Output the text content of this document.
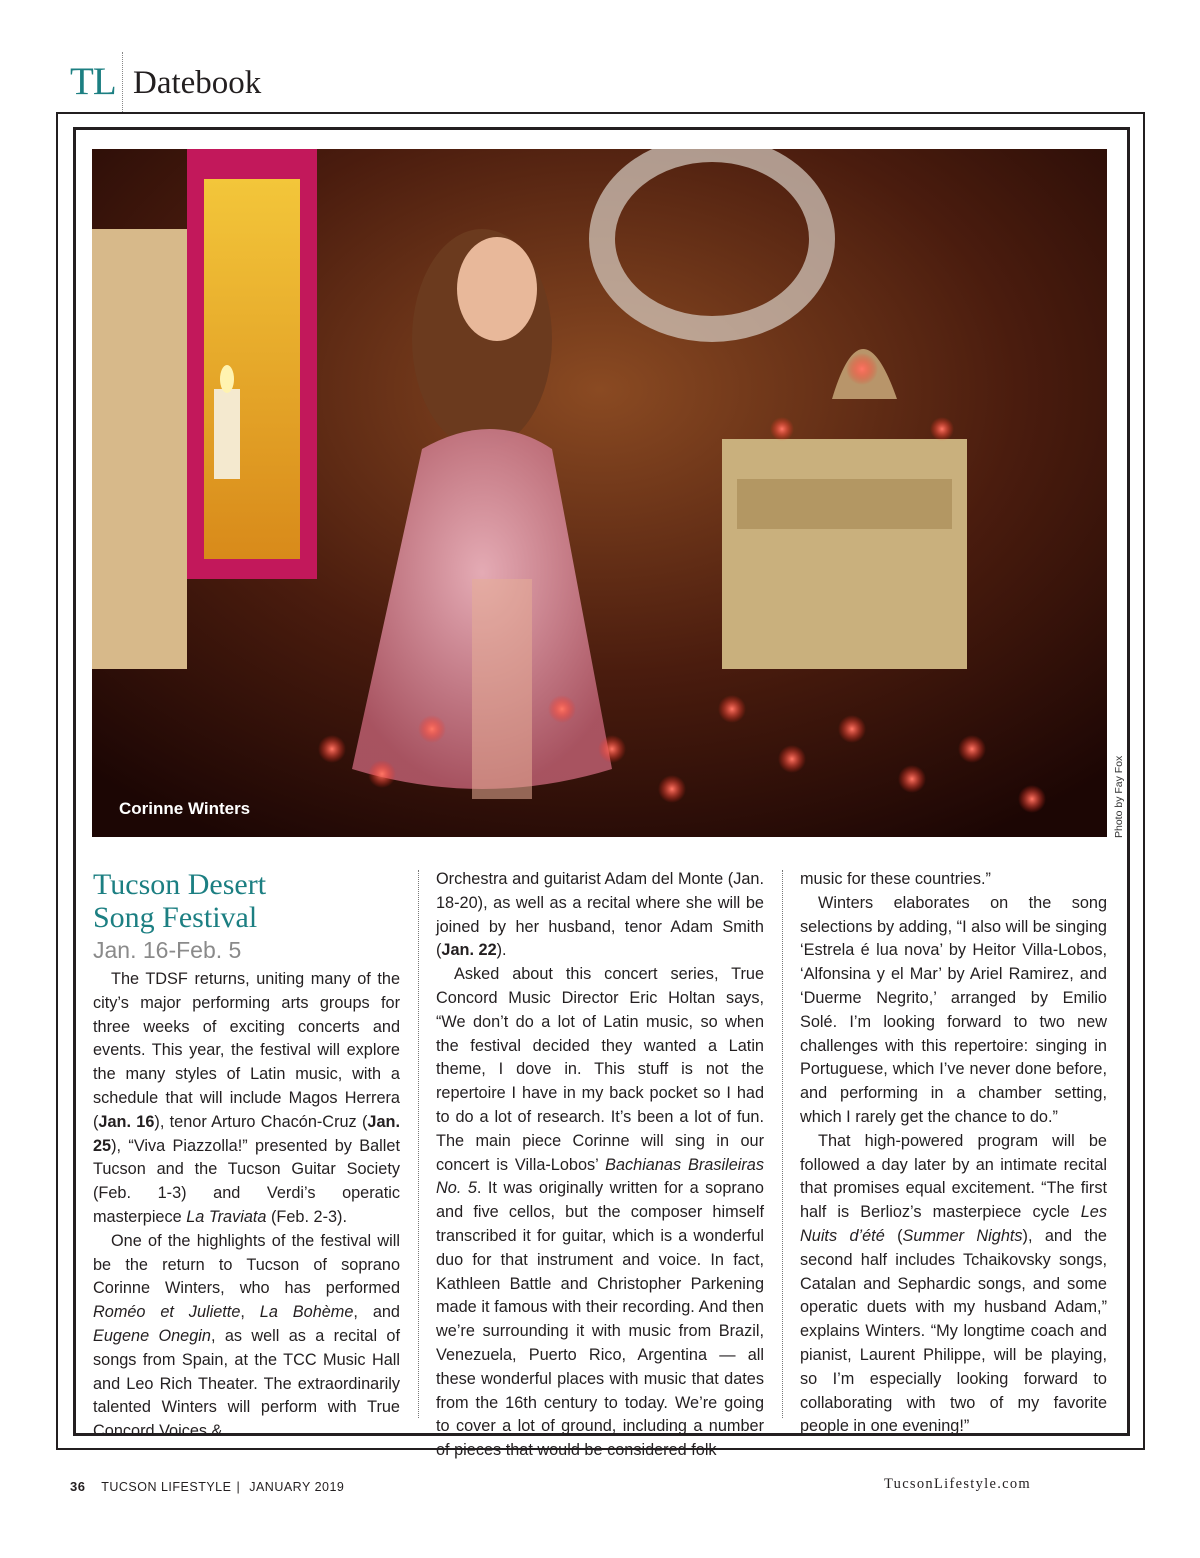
TL Datebook
Corinne Winters	Photo by Fay Fox
Tucson Desert
Song Festival
Jan. 16-Feb. 5

The TDSF returns, uniting many of the city’s major performing arts groups for three weeks of exciting concerts and events. This year, the festival will explore the many styles of Latin music, with a schedule that will include Magos Herrera (Jan. 16), tenor Arturo Chacón-Cruz (Jan. 25), “Viva Piazzolla!” presented by Ballet Tucson and the Tucson Guitar Society (Feb. 1-3) and Verdi’s operatic masterpiece La Traviata (Feb. 2-3).

One of the highlights of the festival will be the return to Tucson of soprano Corinne Winters, who has performed Roméo et Juliette, La Bohème, and Eugene Onegin, as well as a recital of songs from Spain, at the TCC Music Hall and Leo Rich Theater. The extraordinarily talented Winters will perform with True Concord Voices &

Orchestra and guitarist Adam del Monte (Jan. 18-20), as well as a recital where she will be joined by her husband, tenor Adam Smith (Jan. 22).

Asked about this concert series, True Concord Music Director Eric Holtan says, “We don’t do a lot of Latin music, so when the festival decided they wanted a Latin theme, I dove in. This stuff is not the repertoire I have in my back pocket so I had to do a lot of research. It’s been a lot of fun. The main piece Corinne will sing in our concert is Villa-Lobos’ Bachianas Brasileiras No. 5. It was originally written for a soprano and five cellos, but the composer himself transcribed it for guitar, which is a wonderful duo for that instrument and voice. In fact, Kathleen Battle and Christopher Parkening made it famous with their recording. And then we’re surrounding it with music from Brazil, Venezuela, Puerto Rico, Argentina — all these wonderful places with music that dates from the 16th century to today. We’re going to cover a lot of ground, including a number of pieces that would be considered folk

music for these countries.”

Winters elaborates on the song selections by adding, “I also will be singing ‘Estrela é lua nova’ by Heitor Villa-Lobos, ‘Alfonsina y el Mar’ by Ariel Ramirez, and ‘Duerme Negrito,’ arranged by Emilio Solé. I’m looking forward to two new challenges with this repertoire: singing in Portuguese, which I’ve never done before, and performing in a chamber setting, which I rarely get the chance to do.”

That high-powered program will be followed a day later by an intimate recital that promises equal excitement. “The first half is Berlioz’s masterpiece cycle Les Nuits d’été (Summer Nights), and the second half includes Tchaikovsky songs, Catalan and Sephardic songs, and some operatic duets with my husband Adam,” explains Winters. “My longtime coach and pianist, Laurent Philippe, will be playing, so I’m especially looking forward to collaborating with two of my favorite people in one evening!”

36 TUCSON LIFESTYLE | JANUARY 2019	TucsonLifestyle.com
